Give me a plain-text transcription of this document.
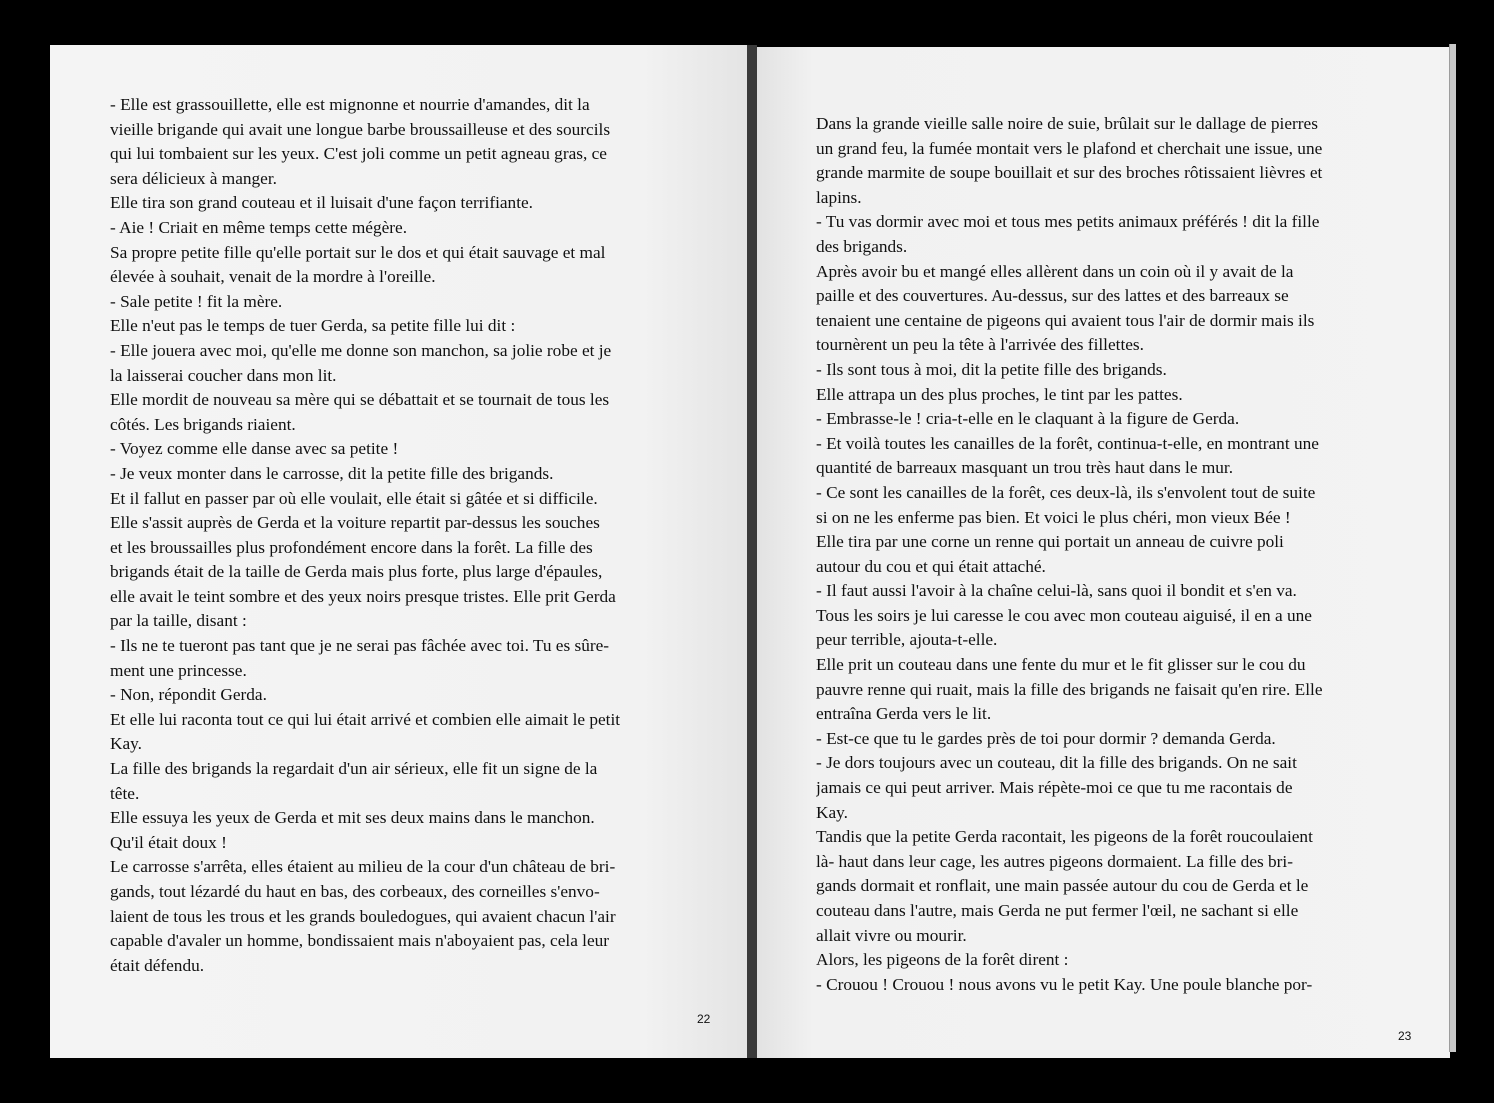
- Elle est grassouillette, elle est mignonne et nourrie d'amandes, dit la
vieille brigande qui avait une longue barbe broussailleuse et des sourcils
qui lui tombaient sur les yeux. C'est joli comme un petit agneau gras, ce
sera délicieux à manger.
Elle tira son grand couteau et il luisait d'une façon terrifiante.
- Aie ! Criait en même temps cette mégère.
Sa propre petite fille qu'elle portait sur le dos et qui était sauvage et mal
élevée à souhait, venait de la mordre à l'oreille.
- Sale petite ! fit la mère.
Elle n'eut pas le temps de tuer Gerda, sa petite fille lui dit :
- Elle jouera avec moi, qu'elle me donne son manchon, sa jolie robe et je
la laisserai coucher dans mon lit.
Elle mordit de nouveau sa mère qui se débattait et se tournait de tous les
côtés. Les brigands riaient.
- Voyez comme elle danse avec sa petite !
- Je veux monter dans le carrosse, dit la petite fille des brigands.
Et il fallut en passer par où elle voulait, elle était si gâtée et si difficile.
Elle s'assit auprès de Gerda et la voiture repartit par-dessus les souches
et les broussailles plus profondément encore dans la forêt. La fille des
brigands était de la taille de Gerda mais plus forte, plus large d'épaules,
elle avait le teint sombre et des yeux noirs presque tristes. Elle prit Gerda
par la taille, disant :
- Ils ne te tueront pas tant que je ne serai pas fâchée avec toi. Tu es sûre-
ment une princesse.
- Non, répondit Gerda.
Et elle lui raconta tout ce qui lui était arrivé et combien elle aimait le petit
Kay.
La fille des brigands la regardait d'un air sérieux, elle fit un signe de la
tête.
Elle essuya les yeux de Gerda et mit ses deux mains dans le manchon.
Qu'il était doux !
Le carrosse s'arrêta, elles étaient au milieu de la cour d'un château de bri-
gands, tout lézardé du haut en bas, des corbeaux, des corneilles s'envo-
laient de tous les trous et les grands bouledogues, qui avaient chacun l'air
capable d'avaler un homme, bondissaient mais n'aboyaient pas, cela leur
était défendu.
Dans la grande vieille salle noire de suie, brûlait sur le dallage de pierres
un grand feu, la fumée montait vers le plafond et cherchait une issue, une
grande marmite de soupe bouillait et sur des broches rôtissaient lièvres et
lapins.
- Tu vas dormir avec moi et tous mes petits animaux préférés ! dit la fille
des brigands.
Après avoir bu et mangé elles allèrent dans un coin où il y avait de la
paille et des couvertures. Au-dessus, sur des lattes et des barreaux se
tenaient une centaine de pigeons qui avaient tous l'air de dormir mais ils
tournèrent un peu la tête à l'arrivée des fillettes.
- Ils sont tous à moi, dit la petite fille des brigands.
Elle attrapa un des plus proches, le tint par les pattes.
- Embrasse-le ! cria-t-elle en le claquant à la figure de Gerda.
- Et voilà toutes les canailles de la forêt, continua-t-elle, en montrant une
quantité de barreaux masquant un trou très haut dans le mur.
- Ce sont les canailles de la forêt, ces deux-là, ils s'envolent tout de suite
si on ne les enferme pas bien. Et voici le plus chéri, mon vieux Bée !
Elle tira par une corne un renne qui portait un anneau de cuivre poli
autour du cou et qui était attaché.
- Il faut aussi l'avoir à la chaîne celui-là, sans quoi il bondit et s'en va.
Tous les soirs je lui caresse le cou avec mon couteau aiguisé, il en a une
peur terrible, ajouta-t-elle.
Elle prit un couteau dans une fente du mur et le fit glisser sur le cou du
pauvre renne qui ruait, mais la fille des brigands ne faisait qu'en rire. Elle
entraîna Gerda vers le lit.
- Est-ce que tu le gardes près de toi pour dormir ? demanda Gerda.
- Je dors toujours avec un couteau, dit la fille des brigands. On ne sait
jamais ce qui peut arriver. Mais répète-moi ce que tu me racontais de
Kay.
Tandis que la petite Gerda racontait, les pigeons de la forêt roucoulaient
là- haut dans leur cage, les autres pigeons dormaient. La fille des bri-
gands dormait et ronflait, une main passée autour du cou de Gerda et le
couteau dans l'autre, mais Gerda ne put fermer l'œil, ne sachant si elle
allait vivre ou mourir.
Alors, les pigeons de la forêt dirent :
- Crouou ! Crouou ! nous avons vu le petit Kay. Une poule blanche por-
22
23
